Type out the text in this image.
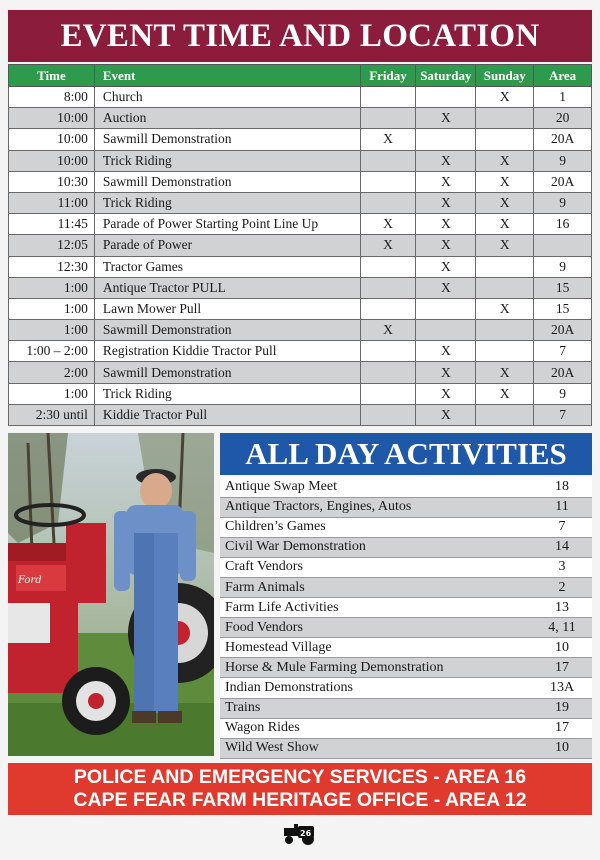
EVENT TIME AND LOCATION
Time	Event	Friday	Saturday	Sunday	Area
8:00	Church			X	1
10:00	Auction		X		20
10:00	Sawmill Demonstration	X			20A
10:00	Trick Riding		X	X	9
10:30	Sawmill Demonstration		X	X	20A
11:00	Trick Riding		X	X	9
11:45	Parade of Power Starting Point Line Up	X	X	X	16
12:05	Parade of Power	X	X	X	
12:30	Tractor Games		X		9
1:00	Antique Tractor PULL		X		15
1:00	Lawn Mower Pull			X	15
1:00	Sawmill Demonstration	X			20A
1:00 – 2:00	Registration Kiddie Tractor Pull		X		7
2:00	Sawmill Demonstration		X	X	20A
1:00	Trick Riding		X	X	9
2:30 until	Kiddie Tractor Pull		X		7
Ford
ALL DAY ACTIVITIES
Antique Swap Meet	18
Antique Tractors, Engines, Autos	11
Children’s Games	7
Civil War Demonstration	14
Craft Vendors	3
Farm Animals	2
Farm Life Activities	13
Food Vendors	4, 11
Homestead Village	10
Horse & Mule Farming Demonstration	17
Indian Demonstrations	13A
Trains	19
Wagon Rides	17
Wild West Show	10
POLICE AND EMERGENCY SERVICES - AREA 16
CAPE FEAR FARM HERITAGE OFFICE - AREA 12
26
